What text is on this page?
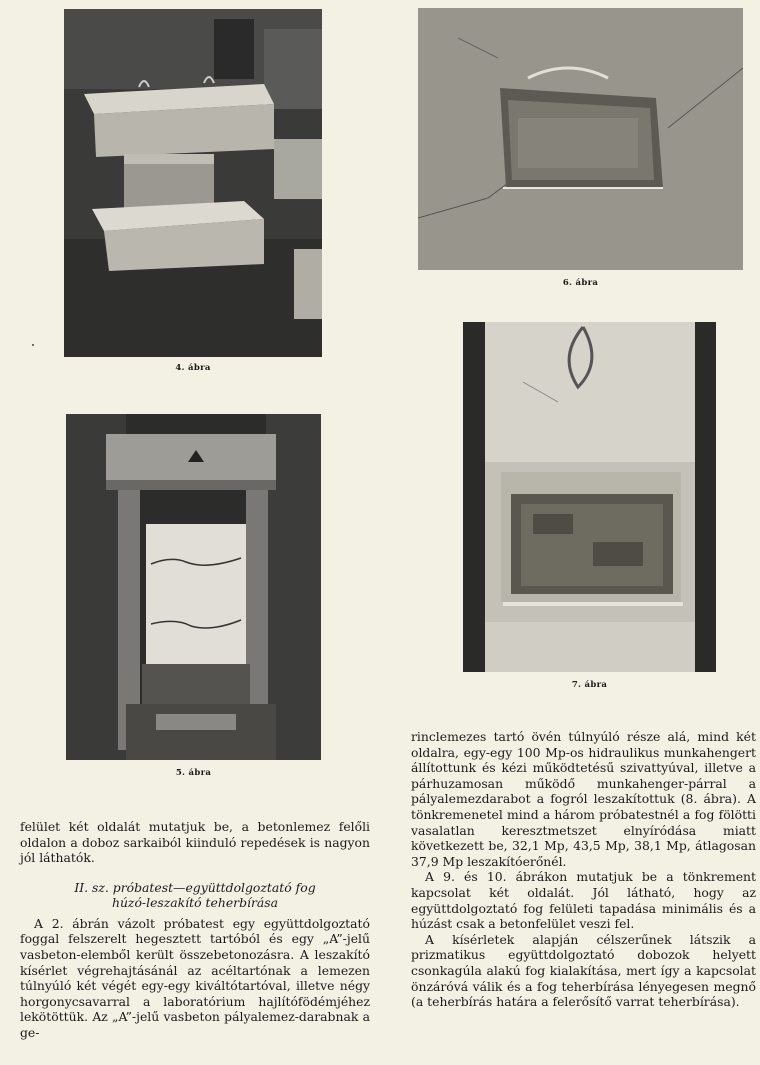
4. ábra
5. ábra
6. ábra
7. ábra

felület két oldalát mutatjuk be, a betonlemez felőli oldalon a doboz sarkaiból kiinduló repedések is nagyon jól láthatók.

II. sz. próbatest—együttdolgoztató fog
húzó-leszakító teherbírása

A 2. ábrán vázolt próbatest egy együttdolgoztató foggal felszerelt hegesztett tartóból és egy „A”-jelű vasbeton-elemből került összebetonozásra. A leszakító kísérlet végrehajtásánál az acéltartónak a lemezen túlnyúló két végét egy-egy kiváltótartóval, illetve négy horgonycsavarral a laboratórium hajlítófödémjéhez lekötöttük. Az „A”-jelű vasbeton pályalemez-darabnak a ge-

rinclemezes tartó övén túlnyúló része alá, mind két oldalra, egy-egy 100 Mp-os hidraulikus munkahengert állítottunk és kézi működtetésű szivattyúval, illetve a párhuzamosan működő munkahenger-párral a pályalemezdarabot a fogról leszakítottuk (8. ábra). A tönkremenetel mind a három próbatestnél a fog fölötti vasalatlan keresztmetszet elnyíródása miatt következett be, 32,1 Mp, 43,5 Mp, 38,1 Mp, átlagosan 37,9 Mp leszakítóerőnél.

A 9. és 10. ábrákon mutatjuk be a tönkrement kapcsolat két oldalát. Jól látható, hogy az együttdolgoztató fog felületi tapadása minimális és a húzást csak a betonfelület veszi fel.

A kísérletek alapján célszerűnek látszik a prizmatikus együttdolgoztató dobozok helyett csonkagúla alakú fog kialakítása, mert így a kapcsolat önzáróvá válik és a fog teherbírása lényegesen megnő (a teherbírás határa a felerősítő varrat teherbírása).
